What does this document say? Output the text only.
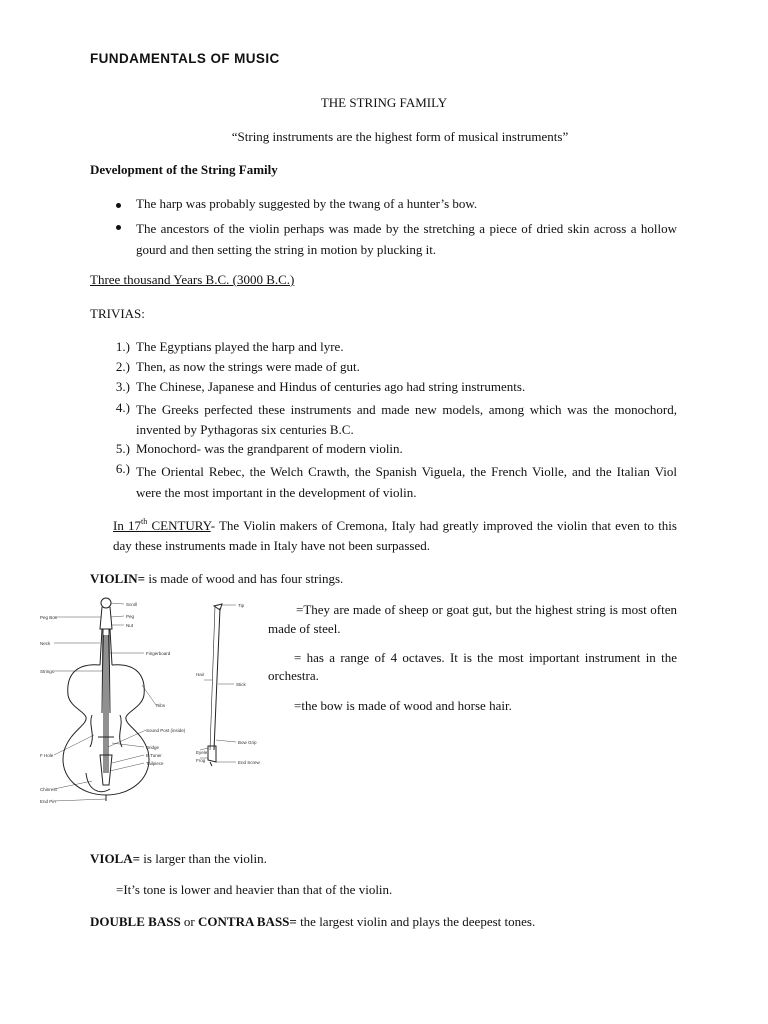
FUNDAMENTALS OF MUSIC
THE STRING FAMILY
“String instruments are the highest form of musical instruments”
Development of the String Family
The harp was probably suggested by the twang of a hunter’s bow.
The ancestors of the violin perhaps was made by the stretching a piece of dried skin across a hollow gourd and then setting the string in motion by plucking it.
Three thousand Years B.C. (3000 B.C.)
TRIVIAS:
1.) The Egyptians played the harp and lyre.
2.) Then, as now the strings were made of gut.
3.) The Chinese, Japanese and Hindus of centuries ago had string instruments.
4.) The Greeks perfected these instruments and made new models, among which was the monochord, invented by Pythagoras six centuries B.C.
5.) Monochord- was the grandparent of modern violin.
6.) The Oriental Rebec, the Welch Crawth, the Spanish Viguela, the French Violle, and the Italian Viol were the most important in the development of violin.
In 17th CENTURY- The Violin makers of Cremona, Italy had greatly improved the violin that even to this day these instruments made in Italy have not been surpassed.
VIOLIN= is made of wood and has four strings.
Scroll
Peg Box	Peg
Nut
Neck
Fingerboard
Strings
Ribs
Sound Post (inside)
F Hole
Bridge
E Tuner
Tailpiece
Chinrest
End Pin
Tip
Hair
Stick
Bow Grip
Eyelet
Frog	End Screw
=They are made of sheep or goat gut, but the highest string is most often made of steel.
= has a range of 4 octaves. It is the most important instrument in the orchestra.
=the bow is made of wood and horse hair.
VIOLA= is larger than the violin.
=It’s tone is lower and heavier than that of the violin.
DOUBLE BASS or CONTRA BASS= the largest violin and plays the deepest tones.
